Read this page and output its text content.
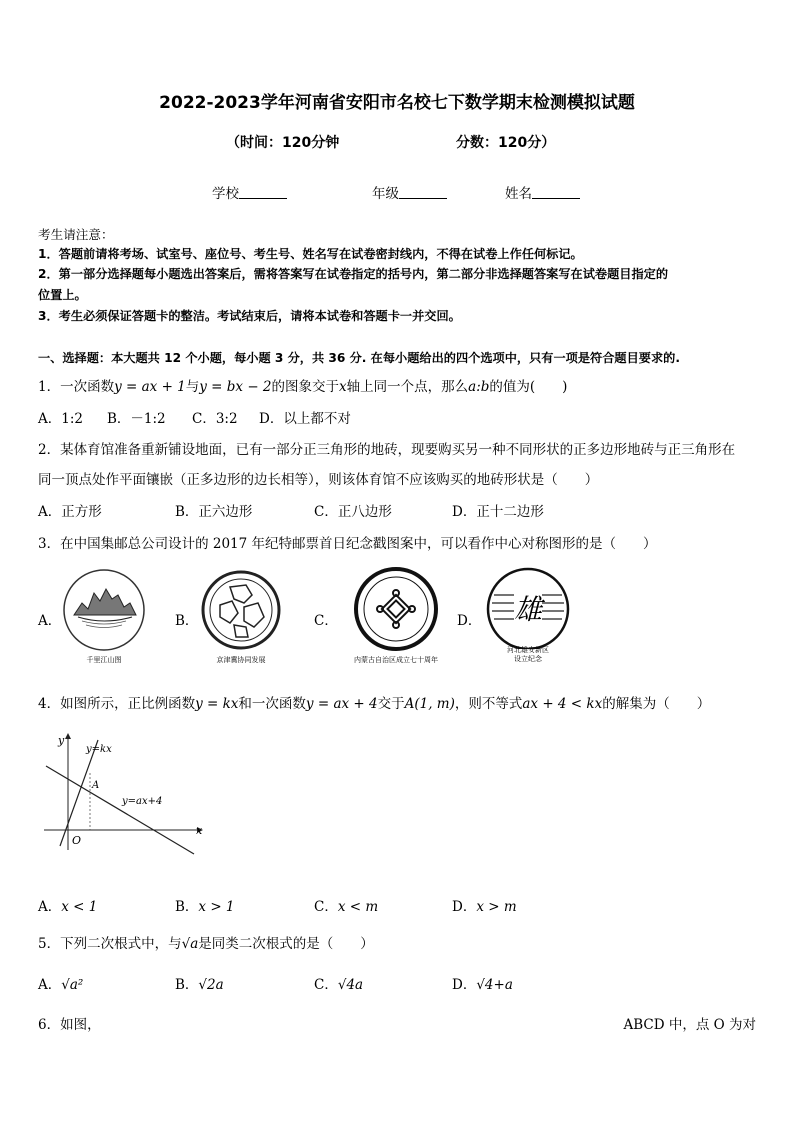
2022-2023学年河南省安阳市名校七下数学期末检测模拟试题
（时间：120分钟	分数：120分）
学校	年级	姓名
考生请注意：
1．答题前请将考场、试室号、座位号、考生号、姓名写在试卷密封线内，不得在试卷上作任何标记。
2．第一部分选择题每小题选出答案后，需将答案写在试卷指定的括号内，第二部分非选择题答案写在试卷题目指定的
位置上。
3．考生必须保证答题卡的整洁。考试结束后，请将本试卷和答题卡一并交回。
一、选择题：本大题共 12 个小题，每小题 3 分，共 36 分. 在每小题给出的四个选项中，只有一项是符合题目要求的.
1．一次函数y = ax + 1与y = bx − 2的图象交于x轴上同一个点，那么a:b的值为(　　)
A．1:2 B．－1:2 C．3:2 D．以上都不对
2．某体育馆准备重新铺设地面，已有一部分正三角形的地砖，现要购买另一种不同形状的正多边形地砖与正三角形在
同一顶点处作平面镶嵌（正多边形的边长相等），则该体育馆不应该购买的地砖形状是（　　）
A．正方形	B．正六边形	C．正八边形	D．正十二边形
3．在中国集邮总公司设计的 2017 年纪特邮票首日纪念戳图案中，可以看作中心对称图形的是（　　）
A．	B．	C．	D．
千里江山图	京津冀协同发展	内蒙古自治区成立七十周年
雄
河北雄安新区
设立纪念
4．如图所示，正比例函数y = kx和一次函数y = ax + 4交于A(1, m)，则不等式ax + 4 < kx的解集为（　　）
y
x
O
A
y=kx
y=ax+4
A．x < 1	B．x > 1	C．x < m	D．x > m
5．下列二次根式中，与√a是同类二次根式的是（　　）
A．√a²	B．√2a	C．√4a	D．√4+a
6．如图，	ABCD 中，点 O 为对
